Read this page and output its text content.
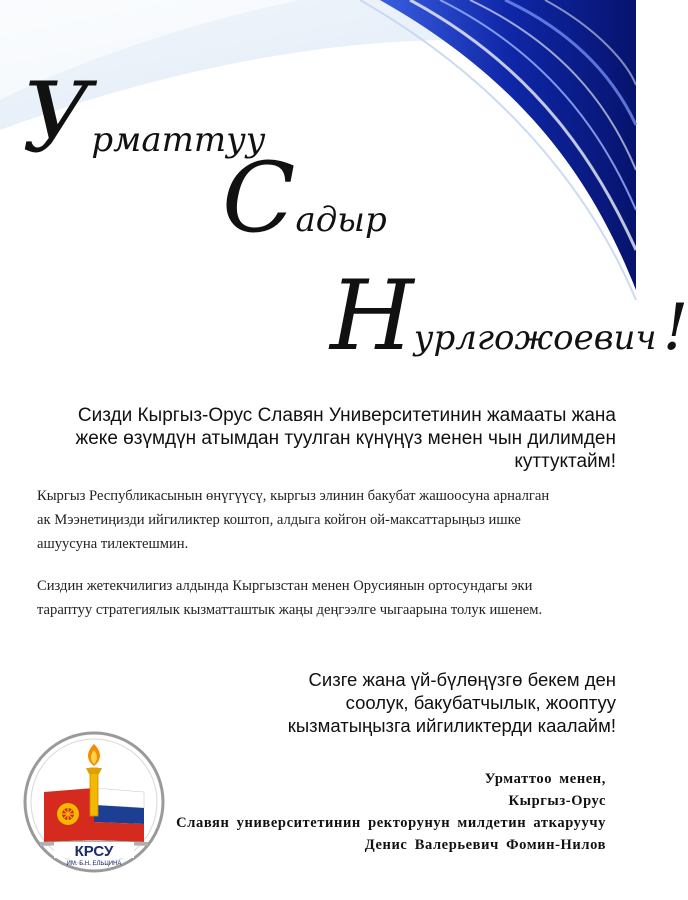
Урматтуу
Садыр
Нурлгожоевич!

Сизди Кыргыз-Орус Славян Университетинин жамааты жана
жеке өзүмдүн атымдан туулган күнүңүз менен чын дилимден
куттуктайм!

Кыргыз Республикасынын өнүгүүсү, кыргыз элинин бакубат жашоосуна арналган
ак Мээнетиңизди ийгиликтер коштоп, алдыга койгон ой-максаттарыңыз ишке
ашуусуна тилектешмин.

Сиздин жетекчилигиз алдында Кыргызстан менен Орусиянын ортосундагы эки
тараптуу стратегиялык кызматташтык жаңы деңгээлге чыгаарына толук ишенем.

Сизге жана үй-бүлөңүзгө бекем ден
соолук, бакубатчылык, жооптуу
кызматыңызга ийгиликтерди каалайм!

КРСУ
ИМ. Б.Н. ЕЛЬЦИНА
Урматтоо менен,
Кыргыз-Орус
Славян университетинин ректорунун милдетин аткаруучу
Денис Валерьевич Фомин-Нилов
